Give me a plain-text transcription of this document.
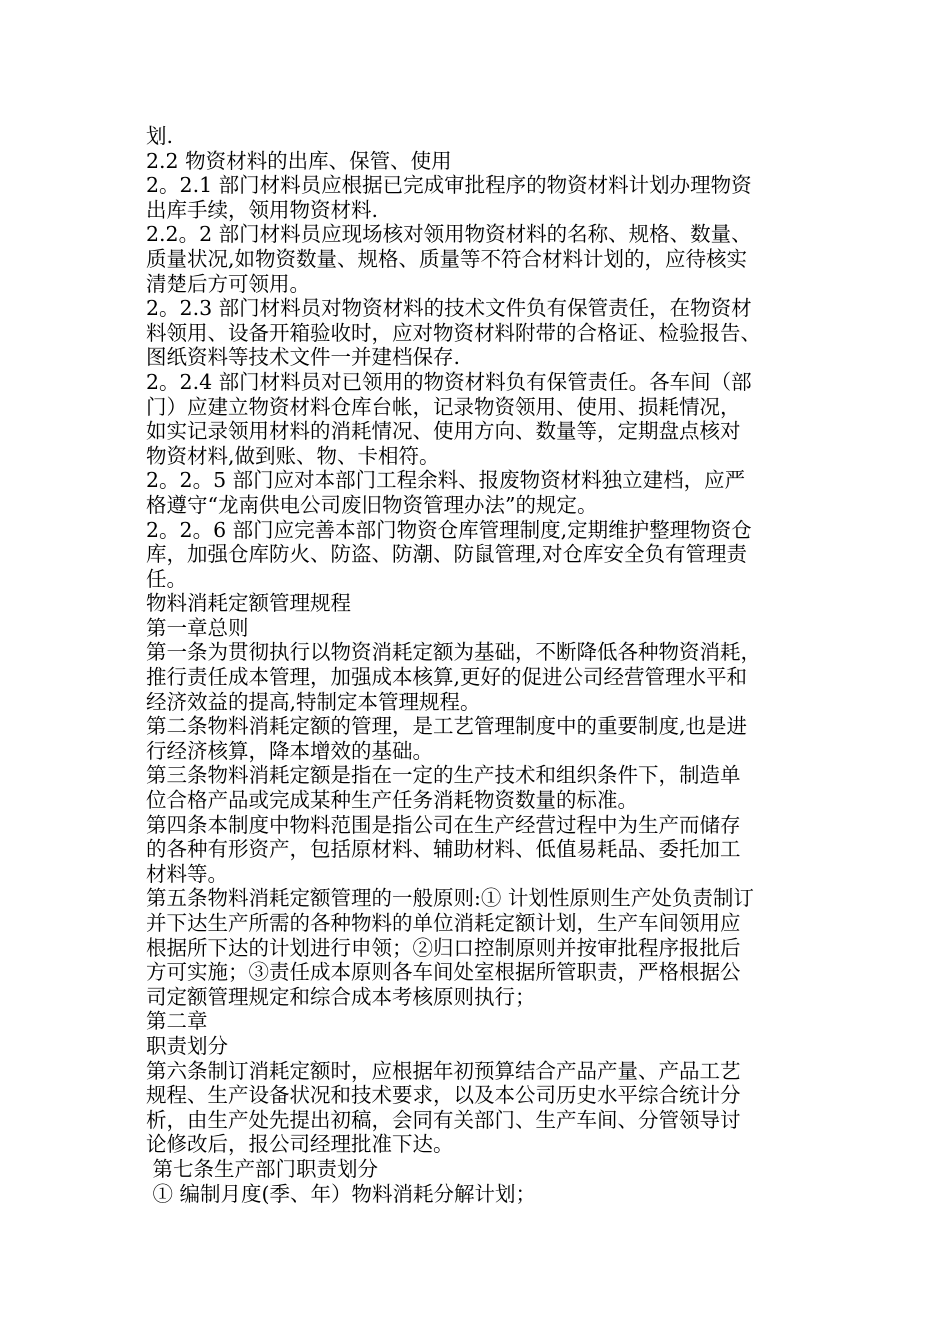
划.
2.2 物资材料的出库、保管、使用
2。2.1 部门材料员应根据已完成审批程序的物资材料计划办理物资
出库手续，领用物资材料.
2.2。2 部门材料员应现场核对领用物资材料的名称、规格、数量、
质量状况,如物资数量、规格、质量等不符合材料计划的，应待核实
清楚后方可领用。
2。2.3 部门材料员对物资材料的技术文件负有保管责任，在物资材
料领用、设备开箱验收时，应对物资材料附带的合格证、检验报告、
图纸资料等技术文件一并建档保存.
2。2.4 部门材料员对已领用的物资材料负有保管责任。各车间（部
门）应建立物资材料仓库台帐，记录物资领用、使用、损耗情况，
如实记录领用材料的消耗情况、使用方向、数量等，定期盘点核对
物资材料,做到账、物、卡相符。
2。2。5 部门应对本部门工程余料、报废物资材料独立建档，应严
格遵守“龙南供电公司废旧物资管理办法”的规定。
2。2。6 部门应完善本部门物资仓库管理制度,定期维护整理物资仓
库，加强仓库防火、防盗、防潮、防鼠管理,对仓库安全负有管理责
任。
物料消耗定额管理规程
第一章总则
第一条为贯彻执行以物资消耗定额为基础，不断降低各种物资消耗，
推行责任成本管理，加强成本核算,更好的促进公司经营管理水平和
经济效益的提高,特制定本管理规程。
第二条物料消耗定额的管理，是工艺管理制度中的重要制度,也是进
行经济核算，降本增效的基础。
第三条物料消耗定额是指在一定的生产技术和组织条件下，制造单
位合格产品或完成某种生产任务消耗物资数量的标准。
第四条本制度中物料范围是指公司在生产经营过程中为生产而储存
的各种有形资产，包括原材料、辅助材料、低值易耗品、委托加工
材料等。
第五条物料消耗定额管理的一般原则:① 计划性原则生产处负责制订
并下达生产所需的各种物料的单位消耗定额计划，生产车间领用应
根据所下达的计划进行申领；②归口控制原则并按审批程序报批后
方可实施；③责任成本原则各车间处室根据所管职责，严格根据公
司定额管理规定和综合成本考核原则执行；
第二章
职责划分
第六条制订消耗定额时，应根据年初预算结合产品产量、产品工艺
规程、生产设备状况和技术要求，以及本公司历史水平综合统计分
析，由生产处先提出初稿，会同有关部门、生产车间、分管领导讨
论修改后，报公司经理批准下达。
第七条生产部门职责划分
① 编制月度(季、年）物料消耗分解计划；
